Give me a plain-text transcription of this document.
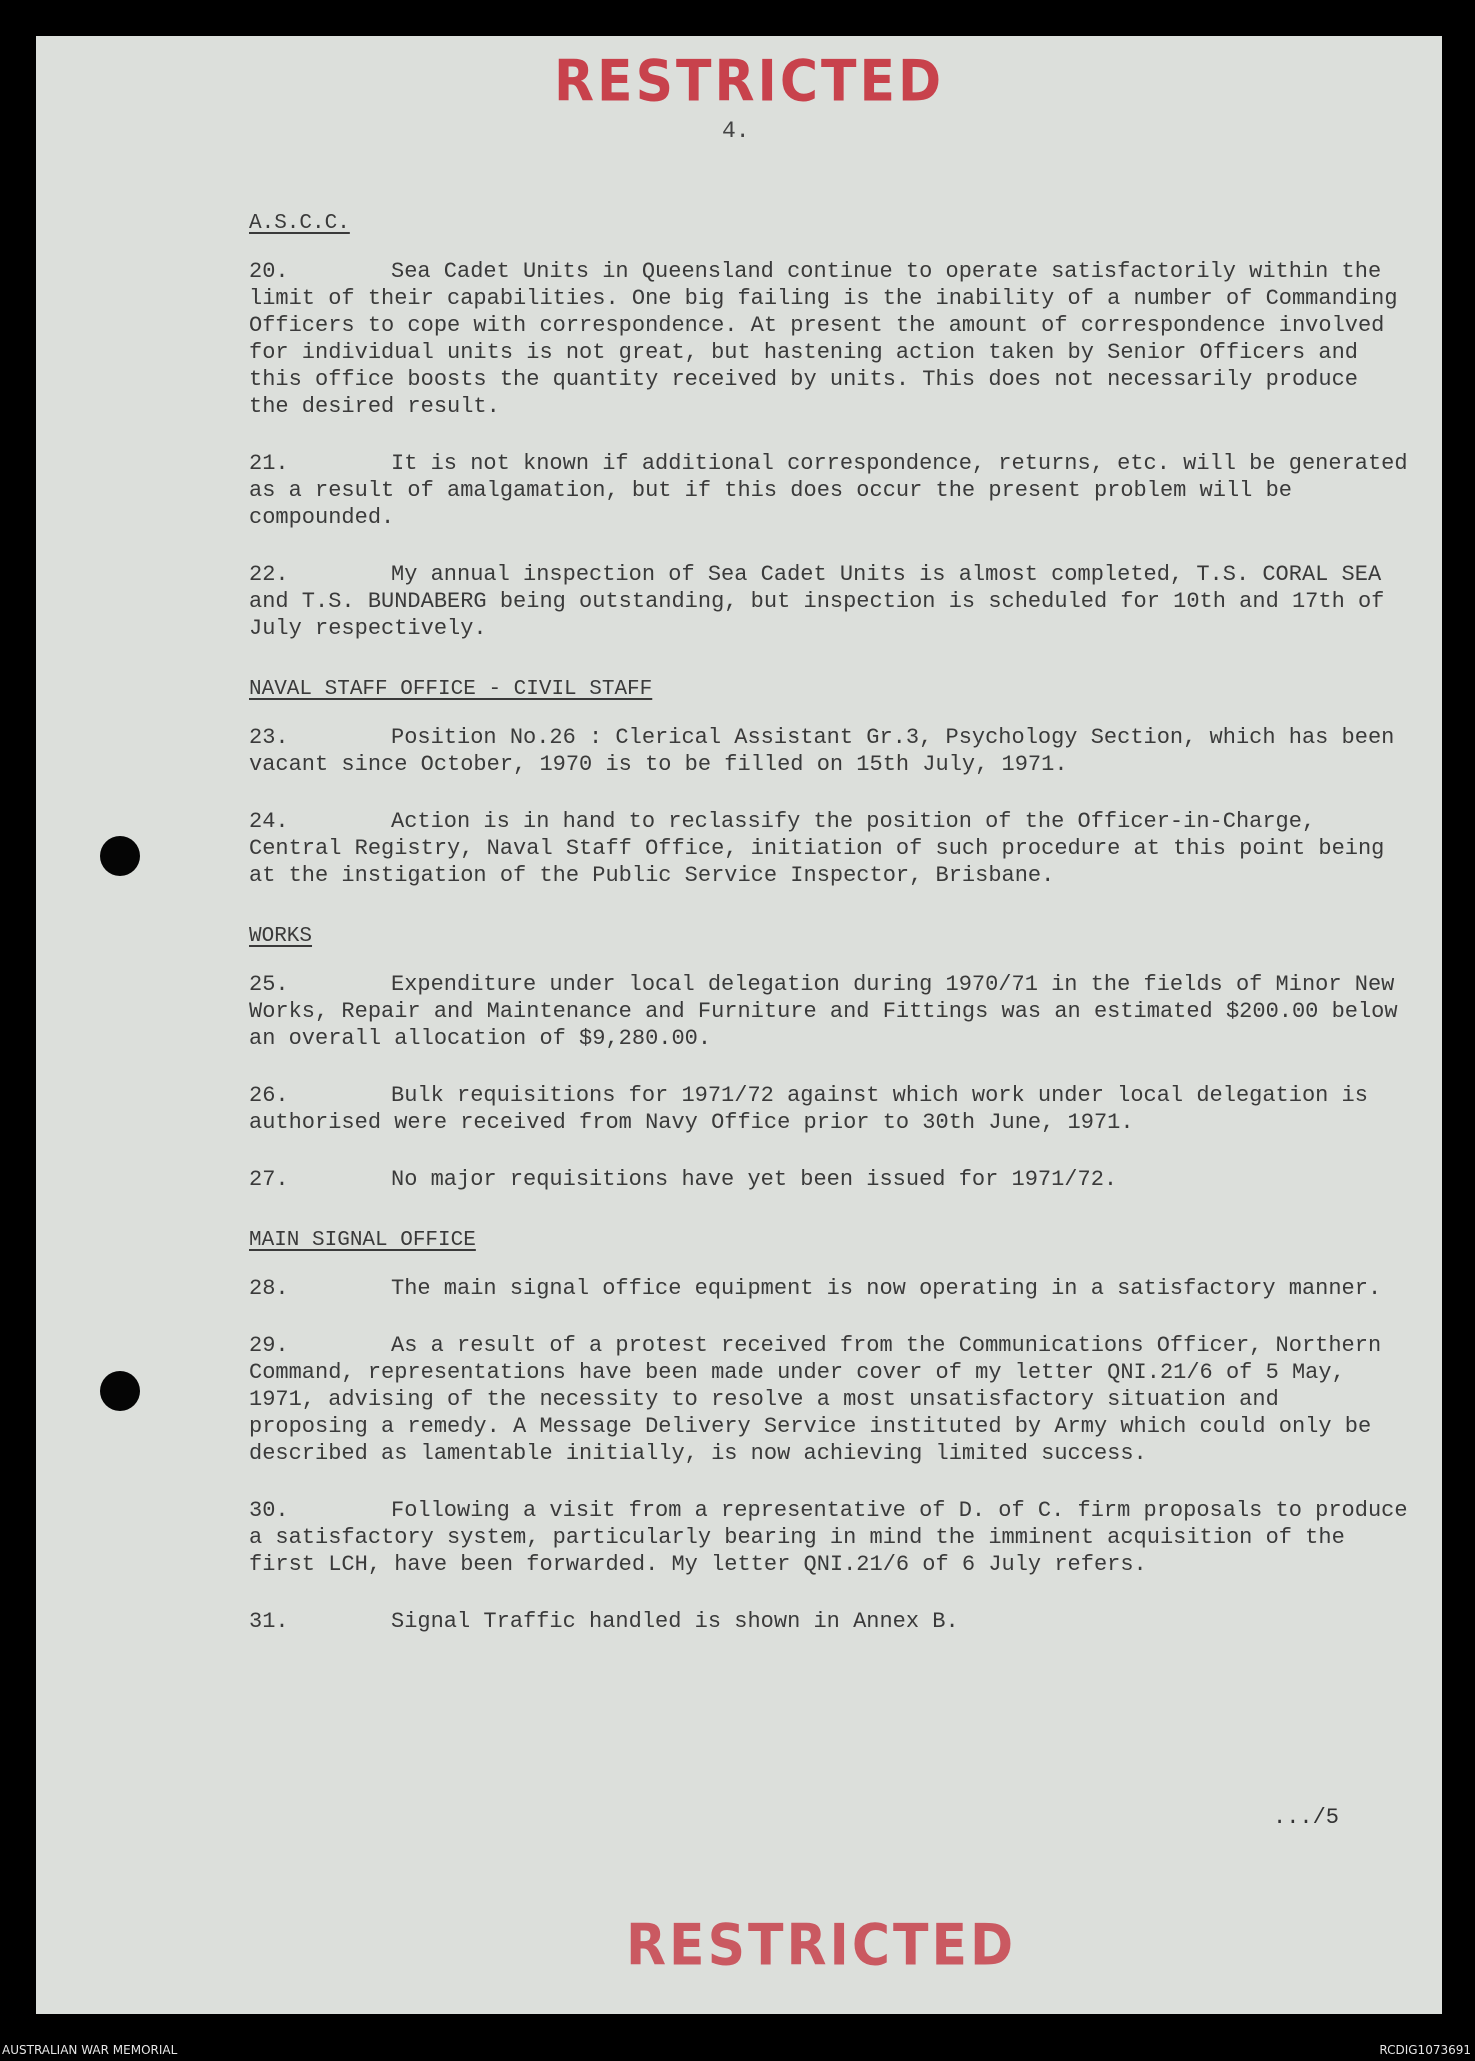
RESTRICTED
4.
A.S.C.C.
20.	Sea Cadet Units in Queensland continue to operate satisfactorily within the limit of their capabilities. One big failing is the inability of a number of Commanding Officers to cope with correspondence. At present the amount of correspondence involved for individual units is not great, but hastening action taken by Senior Officers and this office boosts the quantity received by units. This does not necessarily produce the desired result.
21.	It is not known if additional correspondence, returns, etc. will be generated as a result of amalgamation, but if this does occur the present problem will be compounded.
22.	My annual inspection of Sea Cadet Units is almost completed, T.S. CORAL SEA and T.S. BUNDABERG being outstanding, but inspection is scheduled for 10th and 17th of July respectively.
NAVAL STAFF OFFICE - CIVIL STAFF
23.	Position No.26 : Clerical Assistant Gr.3, Psychology Section, which has been vacant since October, 1970 is to be filled on 15th July, 1971.
24.	Action is in hand to reclassify the position of the Officer-in-Charge, Central Registry, Naval Staff Office, initiation of such procedure at this point being at the instigation of the Public Service Inspector, Brisbane.
WORKS
25.	Expenditure under local delegation during 1970/71 in the fields of Minor New Works, Repair and Maintenance and Furniture and Fittings was an estimated $200.00 below an overall allocation of $9,280.00.
26.	Bulk requisitions for 1971/72 against which work under local delegation is authorised were received from Navy Office prior to 30th June, 1971.
27.	No major requisitions have yet been issued for 1971/72.
MAIN SIGNAL OFFICE
28.	The main signal office equipment is now operating in a satisfactory manner.
29.	As a result of a protest received from the Communications Officer, Northern Command, representations have been made under cover of my letter QNI.21/6 of 5 May, 1971, advising of the necessity to resolve a most unsatisfactory situation and proposing a remedy. A Message Delivery Service instituted by Army which could only be described as lamentable initially, is now achieving limited success.
30.	Following a visit from a representative of D. of C. firm proposals to produce a satisfactory system, particularly bearing in mind the imminent acquisition of the first LCH, have been forwarded. My letter QNI.21/6 of 6 July refers.
31.	Signal Traffic handled is shown in Annex B.
.../5
RESTRICTED
AUSTRALIAN WAR MEMORIAL	RCDIG1073691
